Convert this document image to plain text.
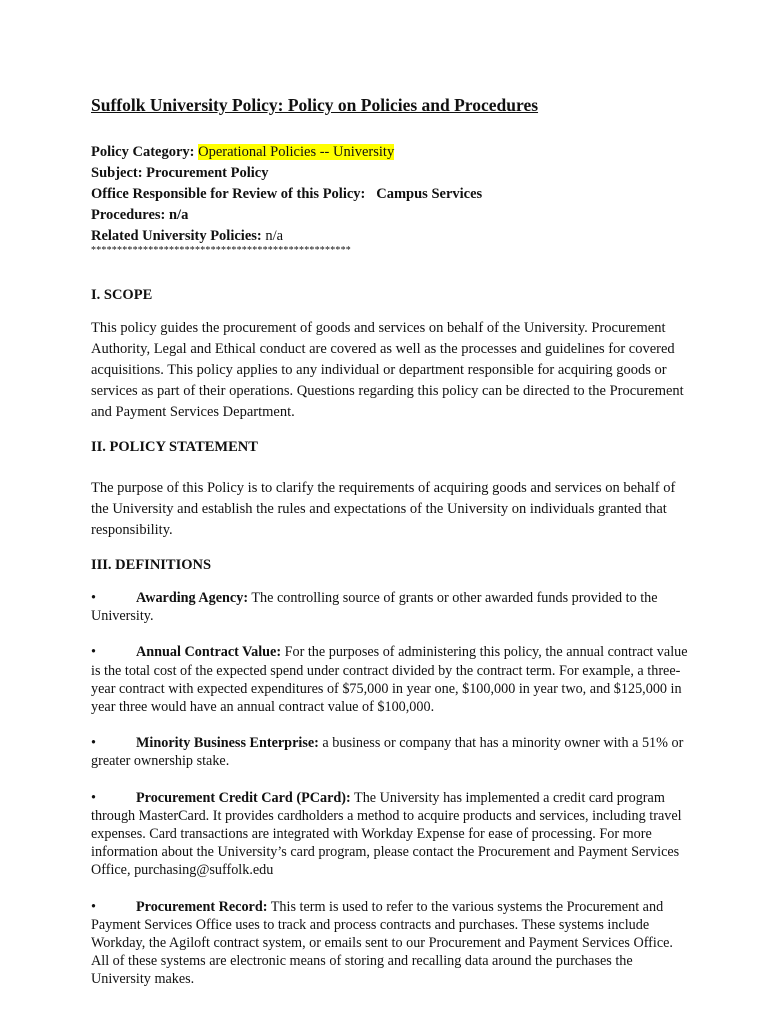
Suffolk University Policy: Policy on Policies and Procedures
Policy Category: Operational Policies -- University
Subject: Procurement Policy
Office Responsible for Review of this Policy:   Campus Services
Procedures: n/a
Related University Policies: n/a
**************************************************
I. SCOPE

This policy guides the procurement of goods and services on behalf of the University. Procurement Authority, Legal and Ethical conduct are covered as well as the processes and guidelines for covered acquisitions. This policy applies to any individual or department responsible for acquiring goods or services as part of their operations. Questions regarding this policy can be directed to the Procurement and Payment Services Department.

II. POLICY STATEMENT

The purpose of this Policy is to clarify the requirements of acquiring goods and services on behalf of the University and establish the rules and expectations of the University on individuals granted that responsibility.

III. DEFINITIONS

•	Awarding Agency: The controlling source of grants or other awarded funds provided to the University.

•	Annual Contract Value: For the purposes of administering this policy, the annual contract value is the total cost of the expected spend under contract divided by the contract term. For example, a three-year contract with expected expenditures of $75,000 in year one, $100,000 in year two, and $125,000 in year three would have an annual contract value of $100,000.

•	Minority Business Enterprise: a business or company that has a minority owner with a 51% or greater ownership stake.

•	Procurement Credit Card (PCard): The University has implemented a credit card program through MasterCard. It provides cardholders a method to acquire products and services, including travel expenses. Card transactions are integrated with Workday Expense for ease of processing. For more information about the University’s card program, please contact the Procurement and Payment Services Office, purchasing@suffolk.edu

•	Procurement Record: This term is used to refer to the various systems the Procurement and Payment Services Office uses to track and process contracts and purchases. These systems include Workday, the Agiloft contract system, or emails sent to our Procurement and Payment Services Office. All of these systems are electronic means of storing and recalling data around the purchases the University makes.
